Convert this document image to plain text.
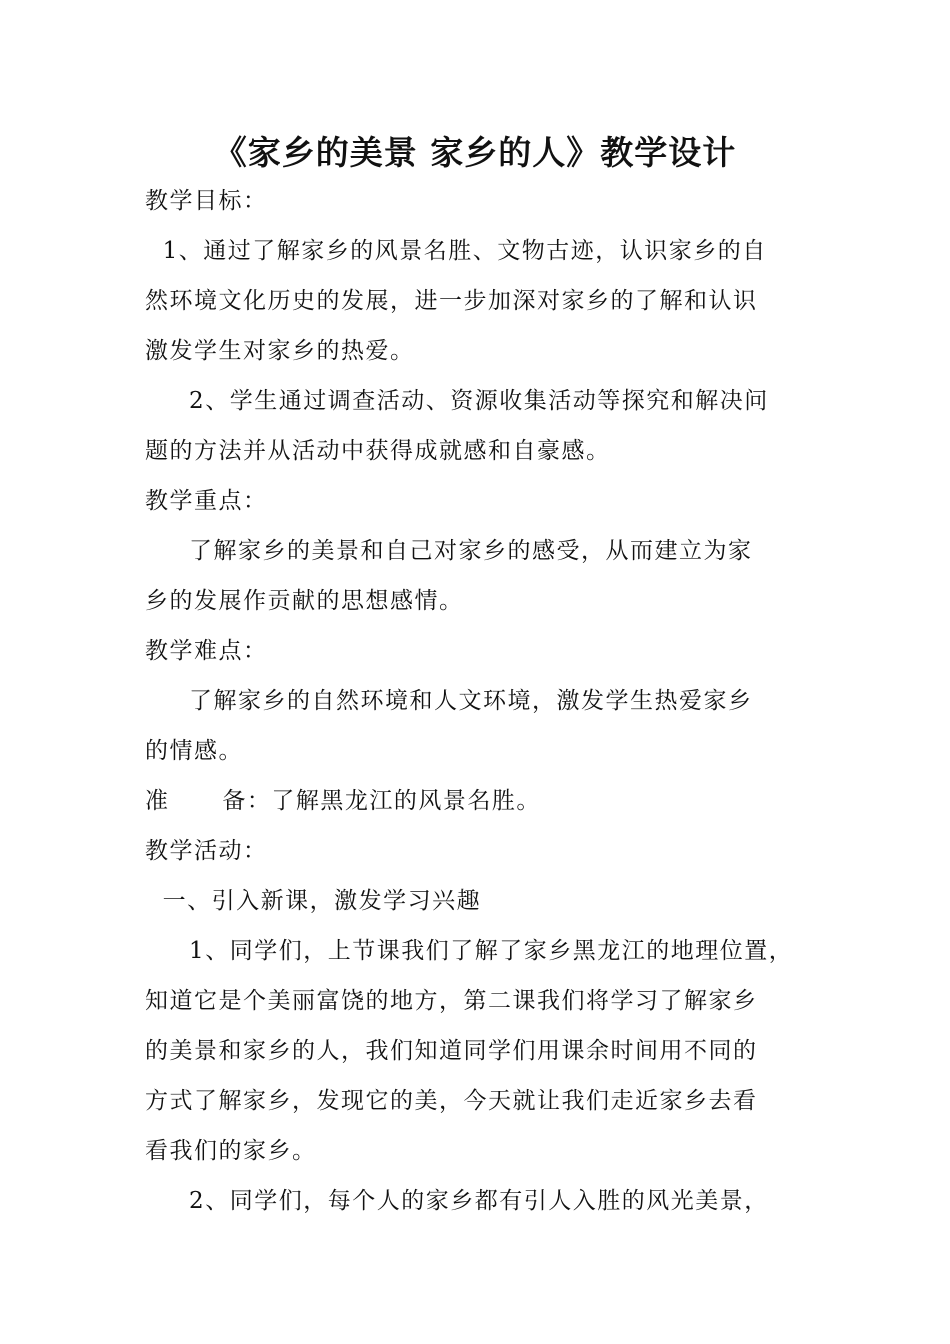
《家乡的美景 家乡的人》教学设计
教学目标：
1、通过了解家乡的风景名胜、文物古迹，认识家乡的自
然环境文化历史的发展，进一步加深对家乡的了解和认识
激发学生对家乡的热爱。
2、学生通过调查活动、资源收集活动等探究和解决问
题的方法并从活动中获得成就感和自豪感。
教学重点：
了解家乡的美景和自己对家乡的感受，从而建立为家
乡的发展作贡献的思想感情。
教学难点：
了解家乡的自然环境和人文环境，激发学生热爱家乡
的情感。
准      备：了解黑龙江的风景名胜。
教学活动：
一、引入新课，激发学习兴趣
1、同学们，上节课我们了解了家乡黑龙江的地理位置，
知道它是个美丽富饶的地方，第二课我们将学习了解家乡
的美景和家乡的人，我们知道同学们用课余时间用不同的
方式了解家乡，发现它的美，今天就让我们走近家乡去看
看我们的家乡。
2、同学们，每个人的家乡都有引人入胜的风光美景，
